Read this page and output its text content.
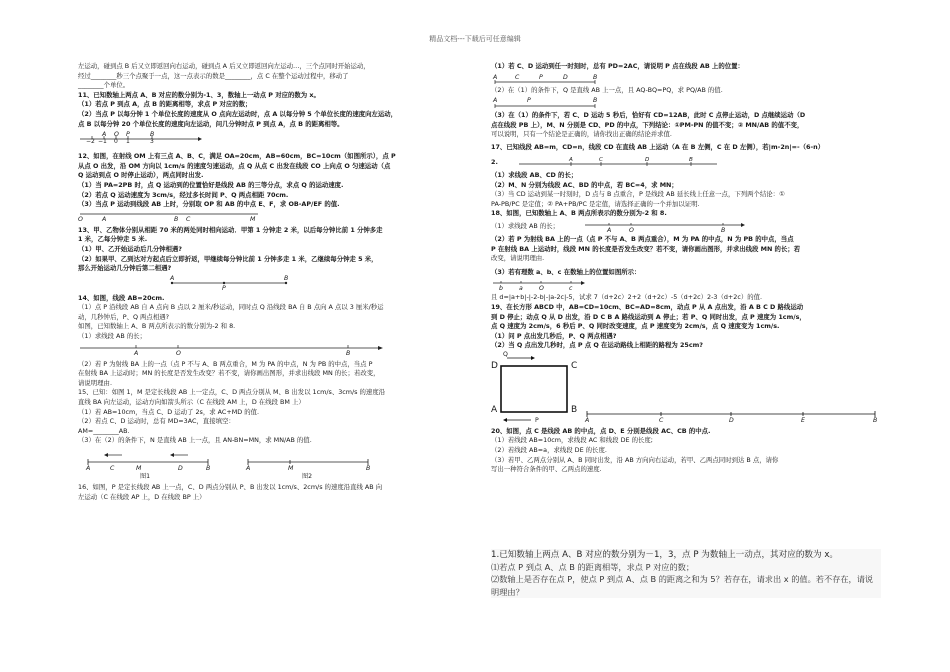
精品文档---下载后可任意编辑

左运动，碰到点 B 后又立即返回向右运动，碰到点 A 后又立即返回向左运动…，三个点同时开始运动，

经过________秒三个点聚于一点，这一点表示的数是________，点 C 在整个运动过程中，移动了

________个单位。

11、已知数轴上两点 A、B 对应的数分别为-1、3，数轴上一动点 P 对应的数为 x。

（1）若点 P 到点 A，点 B 的距离相等，求点 P 对应的数；

（2）当点 P 以每分钟 1 个单位长度的速度从 O 点向左运动时，点 A 以每分钟 5 个单位长度的速度向左运动，

点 B 以每分钟 20 个单位长度的速度向左运动，问几分钟时点 P 到点 A，点 B 的距离相等。

A O P	B
−2 −1 0 1	3

12、如图，在射线 OM 上有三点 A、B、C，满足 OA=20cm，AB=60cm，BC=10cm（如图所示），点 P

从点 O 出发，沿 OM 方向以 1cm/s 的速度匀速运动，点 Q 从点 C 出发在线段 CO 上向点 O 匀速运动（点

Q 运动到点 O 时停止运动），两点同时出发.

（1）当 PA=2PB 时，点 Q 运动到的位置恰好是线段 AB 的三等分点，求点 Q 的运动速度.

（2）若点 Q 运动速度为 3cm/s，经过多长时间 P、Q 两点相距 70cm.

（3）当点 P 运动到线段 AB 上时，分别取 OP 和 AB 的中点 E、F，求 OB-AP/EF 的值.

O	A	B C	M

13、甲、乙物体分别从相距 70 米的两处同时相向运动．甲第 1 分钟走 2 米，以后每分钟比前 1 分钟多走

1 米，乙每分钟走 5 米.

（1）甲、乙开始运动后几分钟相遇?

（2）如果甲、乙到达对方起点后立即折返，甲继续每分钟比前 1 分钟多走 1 米，乙继续每分钟走 5 米，

那么开始运动几分钟后第二相遇?

A
P
B

14、如图，线段 AB=20cm.

（1）点 P 沿线段 AB 自 A 点向 B 点以 2 厘米/秒运动，同时点 Q 沿线段 BA 自 B 点向 A 点以 3 厘米/秒运

动，几秒钟后，P、Q 两点相遇?

如图，已知数轴上 A、B 两点所表示的数分别为-2 和 8.

（1）求线段 AB 的长；

A	O	B

（2）若 P 为射线 BA 上的一点（点 P 不与 A、B 两点重合，M 为 PA 的中点，N 为 PB 的中点，当点 P

在射线 BA 上运动时；MN 的长度是否发生改变？若不变，请你画出图形，并求出线段 MN 的长；若改变，

请说明理由.

15、已知：如图 1，M 是定长线段 AB 上一定点，C、D 两点分别从 M、B 出发以 1cm/s、3cm/s 的速度沿

直线 BA 向左运动，运动方向如箭头所示（C 在线段 AM 上，D 在线段 BM 上）

（1）若 AB=10cm，当点 C、D 运动了 2s，求 AC+MD 的值.

（2）若点 C、D 运动时，总有 MD=3AC，直接填空：

AM=________AB.

（3）在（2）的条件下，N 是直线 AB 上一点，且 AN-BN=MN，求 MN/AB 的值.

A	C	M	D	B
图1
A	M	B
图2

16、如图，P 是定长线段 AB 上一点，C、D 两点分别从 P、B 出发以 1cm/s、2cm/s 的速度沿直线 AB 向

左运动（C 在线段 AP 上，D 在线段 BP 上）

（1）若 C、D 运动到任一时刻时，总有 PD=2AC，请说明 P 点在线段 AB 上的位置：

A	C	P	D	B

（2）在（1）的条件下，Q 是直线 AB 上一点，且 AQ-BQ=PQ，求 PQ/AB 的值.

A	P	B

（3）在（1）的条件下，若 C、D 运动 5 秒后，恰好有 CD=12AB，此时 C 点停止运动，D 点继续运动（D

点在线段 PB 上），M、N 分别是 CD、PD 的中点，下列结论：①PM-PN 的值不变；② MN/AB 的值不变，

可以说明，只有一个结论是正确的，请你找出正确的结论并求值.

17、已知线段 AB=m，CD=n，线段 CD 在直线 AB 上运动（A 在 B 左侧，C 在 D 左侧），若|m-2n|=-（6-n）
2.	A	C	D	B

（1）求线段 AB、CD 的长；

（2）M、N 分别为线段 AC、BD 的中点，若 BC=4，求 MN；

（3）当 CD 运动到某一时刻时，D 点与 B 点重合，P 是线段 AB 延长线上任意一点，下列两个结论：①

PA-PB/PC 是定值；② PA+PB/PC 是定值，请选择正确的一个并加以证明.

18、如图，已知数轴上 A、B 两点所表示的数分别为-2 和 8.

（1）求线段 AB 的长；
A	O	B

（2）若 P 为射线 BA 上的一点（点 P 不与 A、B 两点重合），M 为 PA 的中点，N 为 PB 的中点，当点

P 在射线 BA 上运动时，线段 MN 的长度是否发生改变？若不变，请你画出图形，并求出线段 MN 的长；若

改变，请说明理由.

（3）若有理数 a、b、c 在数轴上的位置如图所示：

b	a	O	c

且 d=|a+b|-|-2-b|-|a-2c|-5，试求 7（d+2c）2+2（d+2c）-5（d+2c）2-3（d+2c）的值.

19、在长方形 ABCD 中，AB=CD=10cm、BC=AD=8cm，动点 P 从 A 点出发，沿 A B C D 路线运动

到 D 停止；动点 Q 从 D 出发，沿 D C B A 路线运动到 A 停止；若 P、Q 同时出发，点 P 速度为 1cm/s，

点 Q 速度为 2cm/s，6 秒后 P、Q 同时改变速度，点 P 速度变为 2cm/s，点 Q 速度变为 1cm/s.

（1）问 P 点出发几秒后，P、Q 两点相遇?

（2）当 Q 点出发几秒时，点 P 点 Q 在运动路线上相距的路程为 25cm?

D	C
A	B
Q
P	A	C	D	E	B

20、如图，点 C 是线段 AB 的中点，点 D、E 分别是线段 AC、CB 的中点.

（1）若线段 AB=10cm，求线段 AC 和线段 DE 的长度;

（2）若线段 AB=a，求线段 DE 的长度.

（3）若甲、乙两点分别从 A、B 同时出发，沿 AB 方向向右运动，若甲、乙两点同时到达 B 点，请你

写出一种符合条件的甲、乙两点的速度.

1.已知数轴上两点 A、B 对应的数分别为－1，3，点 P 为数轴上一动点，其对应的数为 x。
⑴若点 P 到点 A、点 B 的距离相等，求点 P 对应的数；
⑵数轴上是否存在点 P，使点 P 到点 A、点 B 的距离之和为 5？若存在，请求出 x 的值。若不存在，请说
明理由？
